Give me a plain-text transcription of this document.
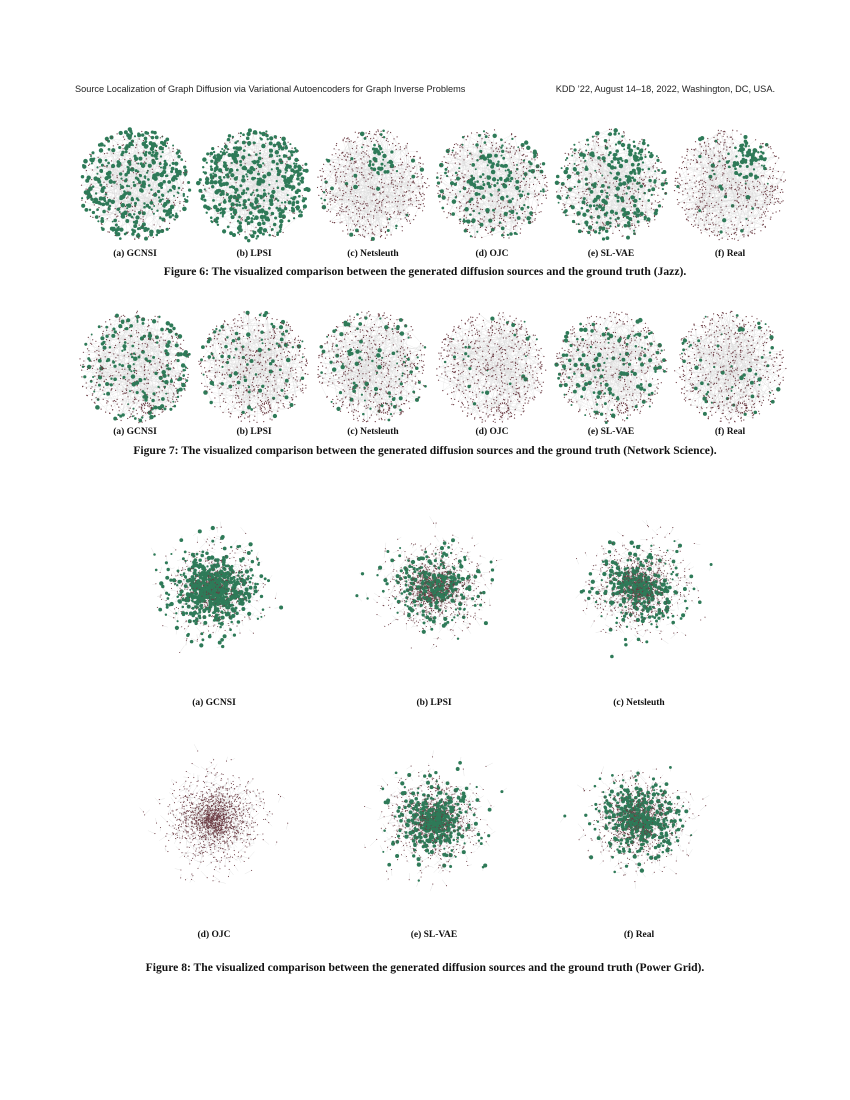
Source Localization of Graph Diffusion via Variational Autoencoders for Graph Inverse Problems	KDD ’22, August 14–18, 2022, Washington, DC, USA.
(a) GCNSI	(b) LPSI	(c) Netsleuth	(d) OJC	(e) SL-VAE	(f) Real
Figure 6: The visualized comparison between the generated diffusion sources and the ground truth (Jazz).
(a) GCNSI	(b) LPSI	(c) Netsleuth	(d) OJC	(e) SL-VAE	(f) Real
Figure 7: The visualized comparison between the generated diffusion sources and the ground truth (Network Science).
(a) GCNSI	(b) LPSI	(c) Netsleuth
(d) OJC	(e) SL-VAE	(f) Real
Figure 8: The visualized comparison between the generated diffusion sources and the ground truth (Power Grid).
